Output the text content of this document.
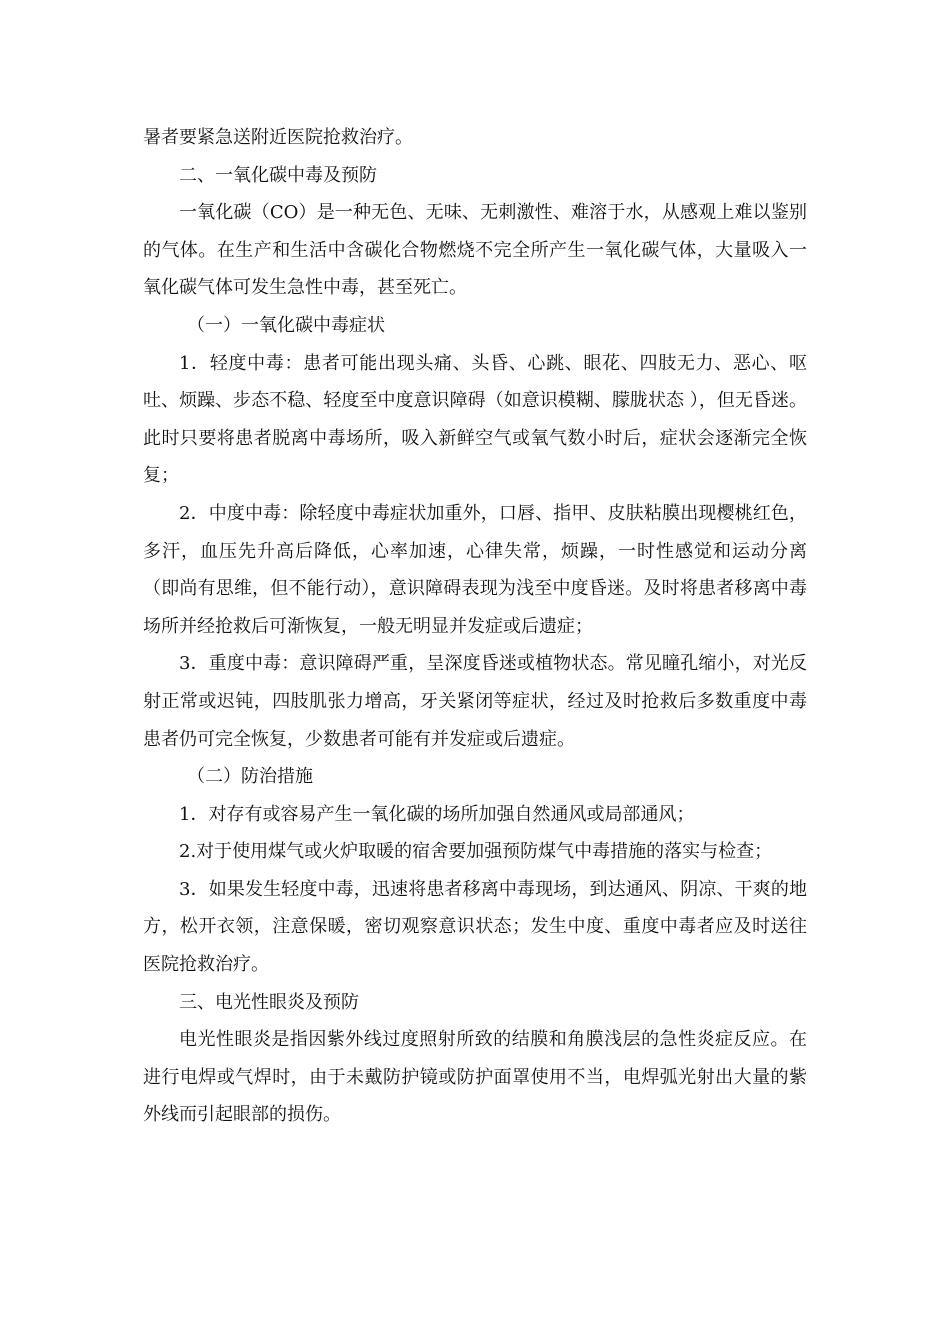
暑者要紧急送附近医院抢救治疗。

二、一氧化碳中毒及预防

一氧化碳（CO）是一种无色、无味、无刺激性、难溶于水，从感观上难以鉴别的气体。在生产和生活中含碳化合物燃烧不完全所产生一氧化碳气体，大量吸入一氧化碳气体可发生急性中毒，甚至死亡。

（一）一氧化碳中毒症状

1．轻度中毒：患者可能出现头痛、头昏、心跳、眼花、四肢无力、恶心、呕吐、烦躁、步态不稳、轻度至中度意识障碍（如意识模糊、朦胧状态 ），但无昏迷。此时只要将患者脱离中毒场所，吸入新鲜空气或氧气数小时后，症状会逐渐完全恢复；

2．中度中毒：除轻度中毒症状加重外，口唇、指甲、皮肤粘膜出现樱桃红色，多汗，血压先升高后降低，心率加速，心律失常，烦躁，一时性感觉和运动分离（即尚有思维，但不能行动），意识障碍表现为浅至中度昏迷。及时将患者移离中毒场所并经抢救后可渐恢复，一般无明显并发症或后遗症；

3．重度中毒：意识障碍严重，呈深度昏迷或植物状态。常见瞳孔缩小，对光反射正常或迟钝，四肢肌张力增高，牙关紧闭等症状，经过及时抢救后多数重度中毒患者仍可完全恢复，少数患者可能有并发症或后遗症。

（二）防治措施

1．对存有或容易产生一氧化碳的场所加强自然通风或局部通风；

2.对于使用煤气或火炉取暖的宿舍要加强预防煤气中毒措施的落实与检查；

3．如果发生轻度中毒，迅速将患者移离中毒现场，到达通风、阴凉、干爽的地方，松开衣领，注意保暖，密切观察意识状态；发生中度、重度中毒者应及时送往医院抢救治疗。

三、电光性眼炎及预防

电光性眼炎是指因紫外线过度照射所致的结膜和角膜浅层的急性炎症反应。在进行电焊或气焊时，由于未戴防护镜或防护面罩使用不当，电焊弧光射出大量的紫外线而引起眼部的损伤。
